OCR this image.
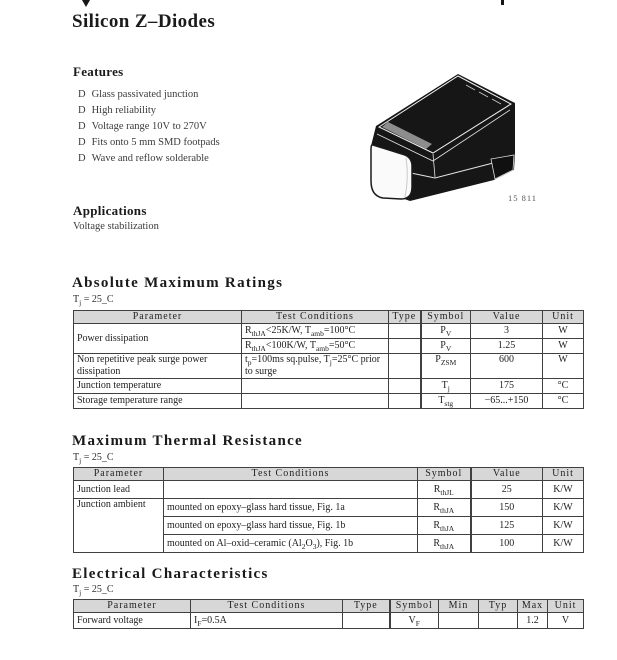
Silicon Z–Diodes
Features
D Glass passivated junction
D High reliability
D Voltage range 10V to 270V
D Fits onto 5 mm SMD footpads
D Wave and reflow solderable
15 811
Applications
Voltage stabilization
Absolute Maximum Ratings
$T_j$ = 25_C
Parameter	Test Conditions	Type	Symbol	Value	Unit
Power dissipation	$R_{thJA}<25K/W$, $T_{amb}=100^\circ C$		$P_V$	3	W
	$R_{thJA}<100K/W$, $T_{amb}=50^\circ C$		$P_V$	1.25	W
Non repetitive peak surge power dissipation	$t_p=100ms$ sq.pulse, $T_j=25^\circ C$ prior to surge		$P_{ZSM}$	600	W
Junction temperature			$T_j$	175	°C
Storage temperature range			$T_{stg}$	−65...+150	°C
Maximum Thermal Resistance
$T_j$ = 25_C
Parameter	Test Conditions	Symbol	Value	Unit
Junction lead		$R_{thJL}$	25	K/W
Junction ambient	mounted on epoxy–glass hard tissue, Fig. 1a	$R_{thJA}$	150	K/W
	mounted on epoxy–glass hard tissue, Fig. 1b	$R_{thJA}$	125	K/W
	mounted on Al–oxid–ceramic $(Al_2O_3)$, Fig. 1b	$R_{thJA}$	100	K/W
Electrical Characteristics
$T_j$ = 25_C
Parameter	Test Conditions	Type	Symbol	Min	Typ	Max	Unit
Forward voltage	$I_F=0.5A$		$V_F$			1.2	V
